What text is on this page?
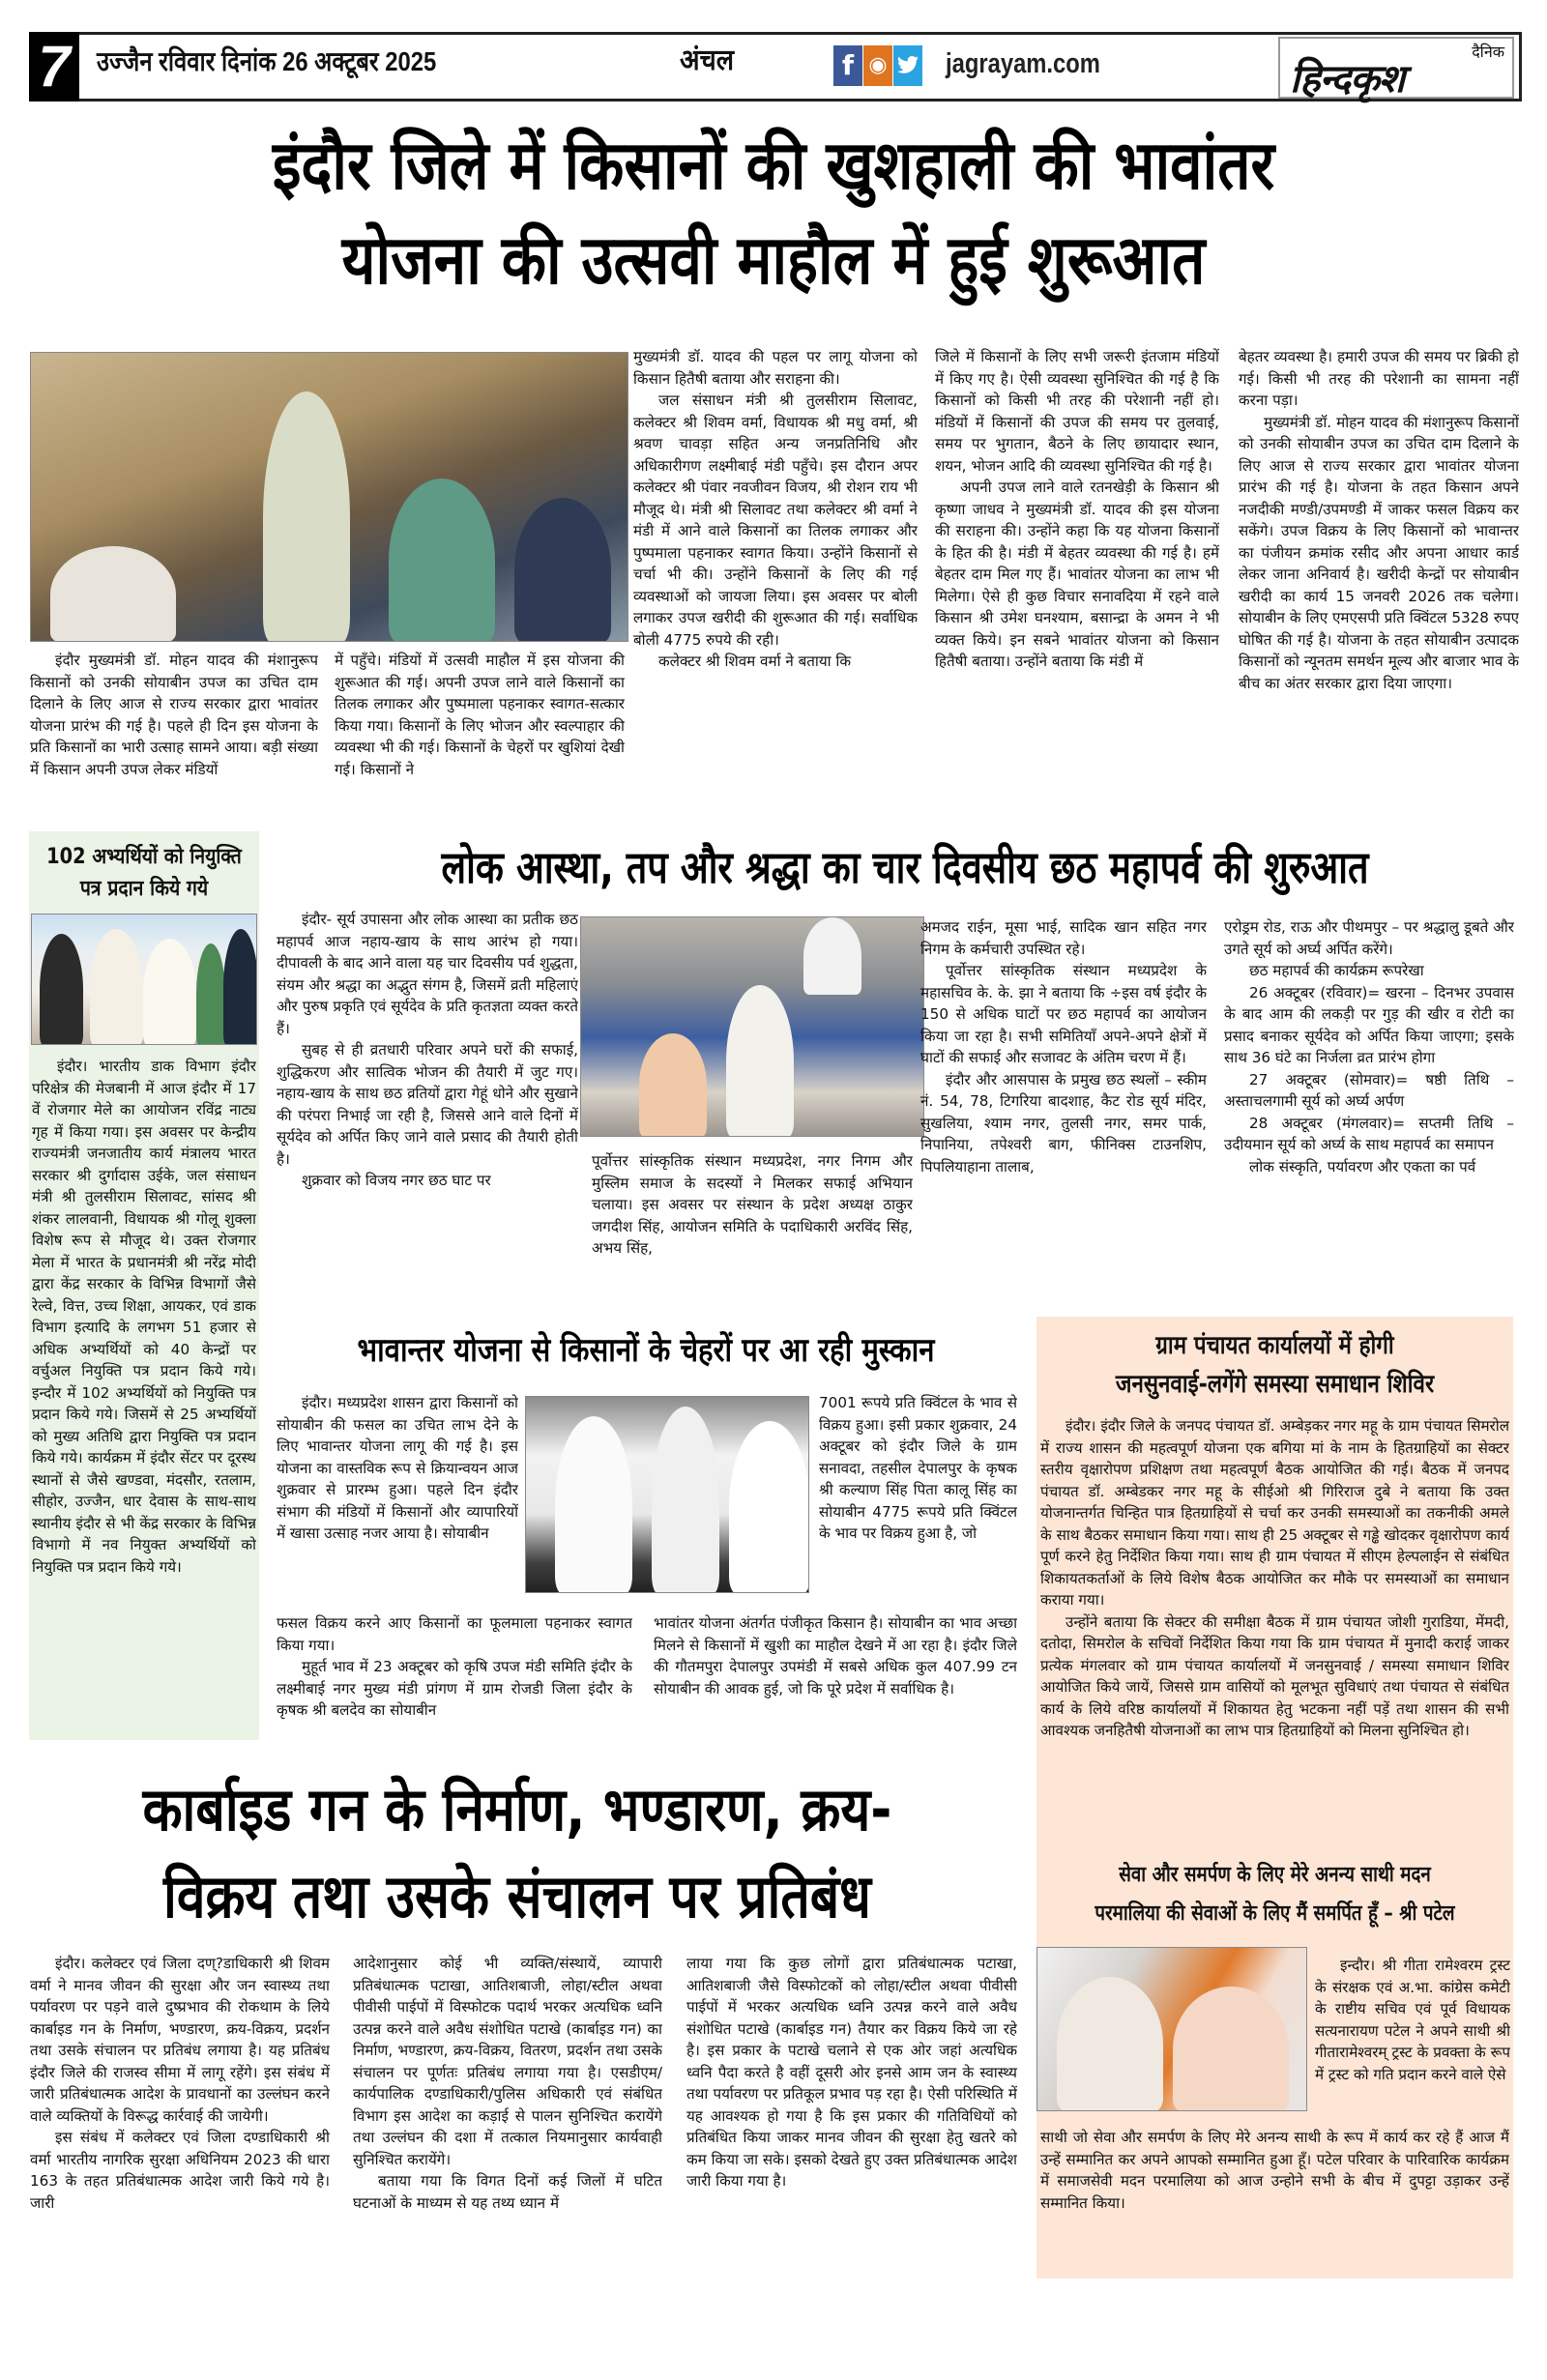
7 उज्जैन रविवार दिनांक 26 अक्टूबर 2025	अंचल	f ◉ jagrayam.com	दैनिक
हिन्दकृश
इंदौर जिले में किसानों की खुशहाली की भावांतर
योजना की उत्सवी माहौल में हुई शुरूआत

इंदौर मुख्यमंत्री डॉ. मोहन यादव की मंशानुरूप किसानों को उनकी सोयाबीन उपज का उचित दाम दिलाने के लिए आज से राज्य सरकार द्वारा भावांतर योजना प्रारंभ की गई है। पहले ही दिन इस योजना के प्रति किसानों का भारी उत्साह सामने आया। बड़ी संख्या में किसान अपनी उपज लेकर मंडियों

में पहुँचे। मंडियों में उत्सवी माहौल में इस योजना की शुरूआत की गई। अपनी उपज लाने वाले किसानों का तिलक लगाकर और पुष्पमाला पहनाकर स्वागत-सत्कार किया गया। किसानों के लिए भोजन और स्वल्पाहार की व्यवस्था भी की गई। किसानों के चेहरों पर खुशियां देखी गई। किसानों ने

मुख्यमंत्री डॉ. यादव की पहल पर लागू योजना को किसान हितैषी बताया और सराहना की।

जल संसाधन मंत्री श्री तुलसीराम सिलावट, कलेक्टर श्री शिवम वर्मा, विधायक श्री मधु वर्मा, श्री श्रवण चावड़ा सहित अन्य जनप्रतिनिधि और अधिकारीगण लक्ष्मीबाई मंडी पहुँचे। इस दौरान अपर कलेक्टर श्री पंवार नवजीवन विजय, श्री रोशन राय भी मौजूद थे। मंत्री श्री सिलावट तथा कलेक्टर श्री वर्मा ने मंडी में आने वाले किसानों का तिलक लगाकर और पुष्पमाला पहनाकर स्वागत किया। उन्होंने किसानों से चर्चा भी की। उन्होंने किसानों के लिए की गई व्यवस्थाओं को जायजा लिया। इस अवसर पर बोली लगाकर उपज खरीदी की शुरूआत की गई। सर्वाधिक बोली 4775 रुपये की रही।

कलेक्टर श्री शिवम वर्मा ने बताया कि

जिले में किसानों के लिए सभी जरूरी इंतजाम मंडियों में किए गए है। ऐसी व्यवस्था सुनिश्चित की गई है कि किसानों को किसी भी तरह की परेशानी नहीं हो। मंडियों में किसानों की उपज की समय पर तुलवाई, समय पर भुगतान, बैठने के लिए छायादार स्थान, शयन, भोजन आदि की व्यवस्था सुनिश्चित की गई है।

अपनी उपज लाने वाले रतनखेड़ी के किसान श्री कृष्णा जाधव ने मुख्यमंत्री डॉ. यादव की इस योजना की सराहना की। उन्होंने कहा कि यह योजना किसानों के हित की है। मंडी में बेहतर व्यवस्था की गई है। हमें बेहतर दाम मिल गए हैं। भावांतर योजना का लाभ भी मिलेगा। ऐसे ही कुछ विचार सनावदिया में रहने वाले किसान श्री उमेश घनश्याम, बसान्द्रा के अमन ने भी व्यक्त किये। इन सबने भावांतर योजना को किसान हितैषी बताया। उन्होंने बताया कि मंडी में

बेहतर व्यवस्था है। हमारी उपज की समय पर ब्रिकी हो गई। किसी भी तरह की परेशानी का सामना नहीं करना पड़ा।

मुख्यमंत्री डॉ. मोहन यादव की मंशानुरूप किसानों को उनकी सोयाबीन उपज का उचित दाम दिलाने के लिए आज से राज्य सरकार द्वारा भावांतर योजना प्रारंभ की गई है। योजना के तहत किसान अपने नजदीकी मण्डी/उपमण्डी में जाकर फसल विक्रय कर सकेंगे। उपज विक्रय के लिए किसानों को भावान्तर का पंजीयन क्रमांक रसीद और अपना आधार कार्ड लेकर जाना अनिवार्य है। खरीदी केन्द्रों पर सोयाबीन खरीदी का कार्य 15 जनवरी 2026 तक चलेगा। सोयाबीन के लिए एमएसपी प्रति क्विंटल 5328 रुपए घोषित की गई है। योजना के तहत सोयाबीन उत्पादक किसानों को न्यूनतम समर्थन मूल्य और बाजार भाव के बीच का अंतर सरकार द्वारा दिया जाएगा।

102 अभ्यर्थियों को नियुक्ति पत्र प्रदान किये गये

इंदौर। भारतीय डाक विभाग इंदौर परिक्षेत्र की मेजबानी में आज इंदौर में 17 वें रोजगार मेले का आयोजन रविंद्र नाट्य गृह में किया गया। इस अवसर पर केन्द्रीय राज्यमंत्री जनजातीय कार्य मंत्रालय भारत सरकार श्री दुर्गादास उईके, जल संसाधन मंत्री श्री तुलसीराम सिलावट, सांसद श्री शंकर लालवानी, विधायक श्री गोलू शुक्ला विशेष रूप से मौजूद थे। उक्त रोजगार मेला में भारत के प्रधानमंत्री श्री नरेंद्र मोदी द्वारा केंद्र सरकार के विभिन्न विभागों जैसे रेल्वे, वित्त, उच्च शिक्षा, आयकर, एवं डाक विभाग इत्यादि के लगभग 51 हजार से अधिक अभ्यर्थियों को 40 केन्द्रों पर वर्चुअल नियुक्ति पत्र प्रदान किये गये। इन्दौर में 102 अभ्यर्थियों को नियुक्ति पत्र प्रदान किये गये। जिसमें से 25 अभ्यर्थियों को मुख्य अतिथि द्वारा नियुक्ति पत्र प्रदान किये गये। कार्यक्रम में इंदौर सेंटर पर दूरस्थ स्थानों से जैसे खण्डवा, मंदसौर, रतलाम, सीहोर, उज्जैन, धार देवास के साथ-साथ स्थानीय इंदौर से भी केंद्र सरकार के विभिन्न विभागो में नव नियुक्त अभ्यर्थियों को नियुक्ति पत्र प्रदान किये गये।

लोक आस्था, तप और श्रद्धा का चार दिवसीय छठ महापर्व की शुरुआत

इंदौर- सूर्य उपासना और लोक आस्था का प्रतीक छठ महापर्व आज नहाय-खाय के साथ आरंभ हो गया। दीपावली के बाद आने वाला यह चार दिवसीय पर्व शुद्धता, संयम और श्रद्धा का अद्भुत संगम है, जिसमें व्रती महिलाएं और पुरुष प्रकृति एवं सूर्यदेव के प्रति कृतज्ञता व्यक्त करते हैं।

सुबह से ही व्रतधारी परिवार अपने घरों की सफाई, शुद्धिकरण और सात्विक भोजन की तैयारी में जुट गए। नहाय-खाय के साथ छठ व्रतियों द्वारा गेहूं धोने और सुखाने की परंपरा निभाई जा रही है, जिससे आने वाले दिनों में सूर्यदेव को अर्पित किए जाने वाले प्रसाद की तैयारी होती है।

शुक्रवार को विजय नगर छठ घाट पर

पूर्वोत्तर सांस्कृतिक संस्थान मध्यप्रदेश, नगर निगम और मुस्लिम समाज के सदस्यों ने मिलकर सफाई अभियान चलाया। इस अवसर पर संस्थान के प्रदेश अध्यक्ष ठाकुर जगदीश सिंह, आयोजन समिति के पदाधिकारी अरविंद सिंह, अभय सिंह,

अमजद राईन, मूसा भाई, सादिक खान सहित नगर निगम के कर्मचारी उपस्थित रहे।

पूर्वोत्तर सांस्कृतिक संस्थान मध्यप्रदेश के महासचिव के. के. झा ने बताया कि ÷इस वर्ष इंदौर के 150 से अधिक घाटों पर छठ महापर्व का आयोजन किया जा रहा है। सभी समितियाँ अपने-अपने क्षेत्रों में घाटों की सफाई और सजावट के अंतिम चरण में हैं।

इंदौर और आसपास के प्रमुख छठ स्थलों – स्कीम नं. 54, 78, टिगरिया बादशाह, कैट रोड सूर्य मंदिर, सुखलिया, श्याम नगर, तुलसी नगर, समर पार्क, निपानिया, तपेश्वरी बाग, फीनिक्स टाउनशिप, पिपलियाहाना तालाब,

एरोड्रम रोड, राऊ और पीथमपुर – पर श्रद्धालु डूबते और उगते सूर्य को अर्घ्य अर्पित करेंगे।

छठ महापर्व की कार्यक्रम रूपरेखा

26 अक्टूबर (रविवार)= खरना – दिनभर उपवास के बाद आम की लकड़ी पर गुड़ की खीर व रोटी का प्रसाद बनाकर सूर्यदेव को अर्पित किया जाएगा; इसके साथ 36 घंटे का निर्जला व्रत प्रारंभ होगा

27 अक्टूबर (सोमवार)= षष्ठी तिथि – अस्ताचलगामी सूर्य को अर्घ्य अर्पण

28 अक्टूबर (मंगलवार)= सप्तमी तिथि – उदीयमान सूर्य को अर्घ्य के साथ महापर्व का समापन

लोक संस्कृति, पर्यावरण और एकता का पर्व

भावान्तर योजना से किसानों के चेहरों पर आ रही मुस्कान

इंदौर। मध्यप्रदेश शासन द्वारा किसानों को सोयाबीन की फसल का उचित लाभ देने के लिए भावान्तर योजना लागू की गई है। इस योजना का वास्तविक रूप से क्रियान्वयन आज शुक्रवार से प्रारम्भ हुआ। पहले दिन इंदौर संभाग की मंडियों में किसानों और व्यापारियों में खासा उत्साह नजर आया है। सोयाबीन

7001 रूपये प्रति क्विंटल के भाव से विक्रय हुआ। इसी प्रकार शुक्रवार, 24 अक्टूबर को इंदौर जिले के ग्राम सनावदा, तहसील देपालपुर के कृषक श्री कल्याण सिंह पिता कालू सिंह का सोयाबीन 4775 रूपये प्रति क्विंटल के भाव पर विक्रय हुआ है, जो

फसल विक्रय करने आए किसानों का फूलमाला पहनाकर स्वागत किया गया।

मुहूर्त भाव में 23 अक्टूबर को कृषि उपज मंडी समिति इंदौर के लक्ष्मीबाई नगर मुख्य मंडी प्रांगण में ग्राम रोजडी जिला इंदौर के कृषक श्री बलदेव का सोयाबीन

भावांतर योजना अंतर्गत पंजीकृत किसान है। सोयाबीन का भाव अच्छा मिलने से किसानों में खुशी का माहौल देखने में आ रहा है। इंदौर जिले की गौतमपुरा देपालपुर उपमंडी में सबसे अधिक कुल 407.99 टन सोयाबीन की आवक हुई, जो कि पूरे प्रदेश में सर्वाधिक है।

ग्राम पंचायत कार्यालयों में होगी
जनसुनवाई-लगेंगे समस्या समाधान शिविर

इंदौर। इंदौर जिले के जनपद पंचायत डॉ. अम्बेड़कर नगर महू के ग्राम पंचायत सिमरोल में राज्य शासन की महत्वपूर्ण योजना एक बगिया मां के नाम के हितग्राहियों का सेक्टर स्तरीय वृक्षारोपण प्रशिक्षण तथा महत्वपूर्ण बैठक आयोजित की गई। बैठक में जनपद पंचायत डॉ. अम्बेडकर नगर महू के सीईओ श्री गिरिराज दुबे ने बताया कि उक्त योजनान्तर्गत चिन्हित पात्र हितग्राहियों से चर्चा कर उनकी समस्याओं का तकनीकी अमले के साथ बैठकर समाधान किया गया। साथ ही 25 अक्टूबर से गड्ढे खोदकर वृक्षारोपण कार्य पूर्ण करने हेतु निर्देशित किया गया। साथ ही ग्राम पंचायत में सीएम हेल्पलाईन से संबंधित शिकायतकर्ताओं के लिये विशेष बैठक आयोजित कर मौके पर समस्याओं का समाधान कराया गया।

उन्होंने बताया कि सेक्टर की समीक्षा बैठक में ग्राम पंचायत जोशी गुराडिया, मेंमदी, दतोदा, सिमरोल के सचिवों निर्देशित किया गया कि ग्राम पंचायत में मुनादी कराई जाकर प्रत्येक मंगलवार को ग्राम पंचायत कार्यालयों में जनसुनवाई / समस्या समाधान शिविर आयोजित किये जायें, जिससे ग्राम वासियों को मूलभूत सुविधाएं तथा पंचायत से संबंधित कार्य के लिये वरिष्ठ कार्यालयों में शिकायत हेतु भटकना नहीं पड़ें तथा शासन की सभी आवश्यक जनहितैषी योजनाओं का लाभ पात्र हितग्राहियों को मिलना सुनिश्चित हो।

सेवा और समर्पण के लिए मेरे अनन्य साथी मदन
परमालिया की सेवाओं के लिए मैं समर्पित हूँ – श्री पटेल

इन्दौर। श्री गीता रामेश्वरम ट्रस्ट के संरक्षक एवं अ.भा. कांग्रेस कमेटी के राष्टीय सचिव एवं पूर्व विधायक सत्यनारायण पटेल ने अपने साथी श्री गीतारामेश्वरम् ट्रस्ट के प्रवक्ता के रूप में ट्रस्ट को गति प्रदान करने वाले ऐसे

साथी जो सेवा और समर्पण के लिए मेरे अनन्य साथी के रूप में कार्य कर रहे हैं आज मैं उन्हें सम्मानित कर अपने आपको सम्मानित हुआ हूँ। पटेल परिवार के पारिवारिक कार्यक्रम में समाजसेवी मदन परमालिया को आज उन्होने सभी के बीच में दुपट्टा उड़ाकर उन्हें सम्मानित किया।

कार्बाइड गन के निर्माण, भण्डारण, क्रय-
विक्रय तथा उसके संचालन पर प्रतिबंध

इंदौर। कलेक्टर एवं जिला दण्?डाधिकारी श्री शिवम वर्मा ने मानव जीवन की सुरक्षा और जन स्वास्थ्य तथा पर्यावरण पर पड़ने वाले दुष्प्रभाव की रोकथाम के लिये कार्बाइड गन के निर्माण, भण्डारण, क्रय-विक्रय, प्रदर्शन तथा उसके संचालन पर प्रतिबंध लगाया है। यह प्रतिबंध इंदौर जिले की राजस्व सीमा में लागू रहेंगे। इस संबंध में जारी प्रतिबंधात्मक आदेश के प्रावधानों का उल्लंघन करने वाले व्यक्तियों के विरूद्ध कार्रवाई की जायेगी।

इस संबंध में कलेक्टर एवं जिला दण्डाधिकारी श्री वर्मा भारतीय नागरिक सुरक्षा अधिनियम 2023 की धारा 163 के तहत प्रतिबंधात्मक आदेश जारी किये गये है। जारी

आदेशानुसार कोई भी व्यक्ति/संस्थायें, व्यापारी प्रतिबंधात्मक पटाखा, आतिशबाजी, लोहा/स्टील अथवा पीवीसी पाईपों में विस्फोटक पदार्थ भरकर अत्यधिक ध्वनि उत्पन्न करने वाले अवैध संशोधित पटाखे (कार्बाइड गन) का निर्माण, भण्डारण, क्रय-विक्रय, वितरण, प्रदर्शन तथा उसके संचालन पर पूर्णतः प्रतिबंध लगाया गया है। एसडीएम/कार्यपालिक दण्डाधिकारी/पुलिस अधिकारी एवं संबंधित विभाग इस आदेश का कड़ाई से पालन सुनिश्चित करायेंगे तथा उल्लंघन की दशा में तत्काल नियमानुसार कार्यवाही सुनिश्चित करायेंगे।

बताया गया कि विगत दिनों कई जिलों में घटित घटनाओं के माध्यम से यह तथ्य ध्यान में

लाया गया कि कुछ लोगों द्वारा प्रतिबंधात्मक पटाखा, आतिशबाजी जैसे विस्फोटकों को लोहा/स्टील अथवा पीवीसी पाईपों में भरकर अत्यधिक ध्वनि उत्पन्न करने वाले अवैध संशोधित पटाखे (कार्बाइड गन) तैयार कर विक्रय किये जा रहे है। इस प्रकार के पटाखे चलाने से एक ओर जहां अत्यधिक ध्वनि पैदा करते है वहीं दूसरी ओर इनसे आम जन के स्वास्थ्य तथा पर्यावरण पर प्रतिकूल प्रभाव पड़ रहा है। ऐसी परिस्थिति में यह आवश्यक हो गया है कि इस प्रकार की गतिविधियों को प्रतिबंधित किया जाकर मानव जीवन की सुरक्षा हेतु खतरे को कम किया जा सके। इसको देखते हुए उक्त प्रतिबंधात्मक आदेश जारी किया गया है।
